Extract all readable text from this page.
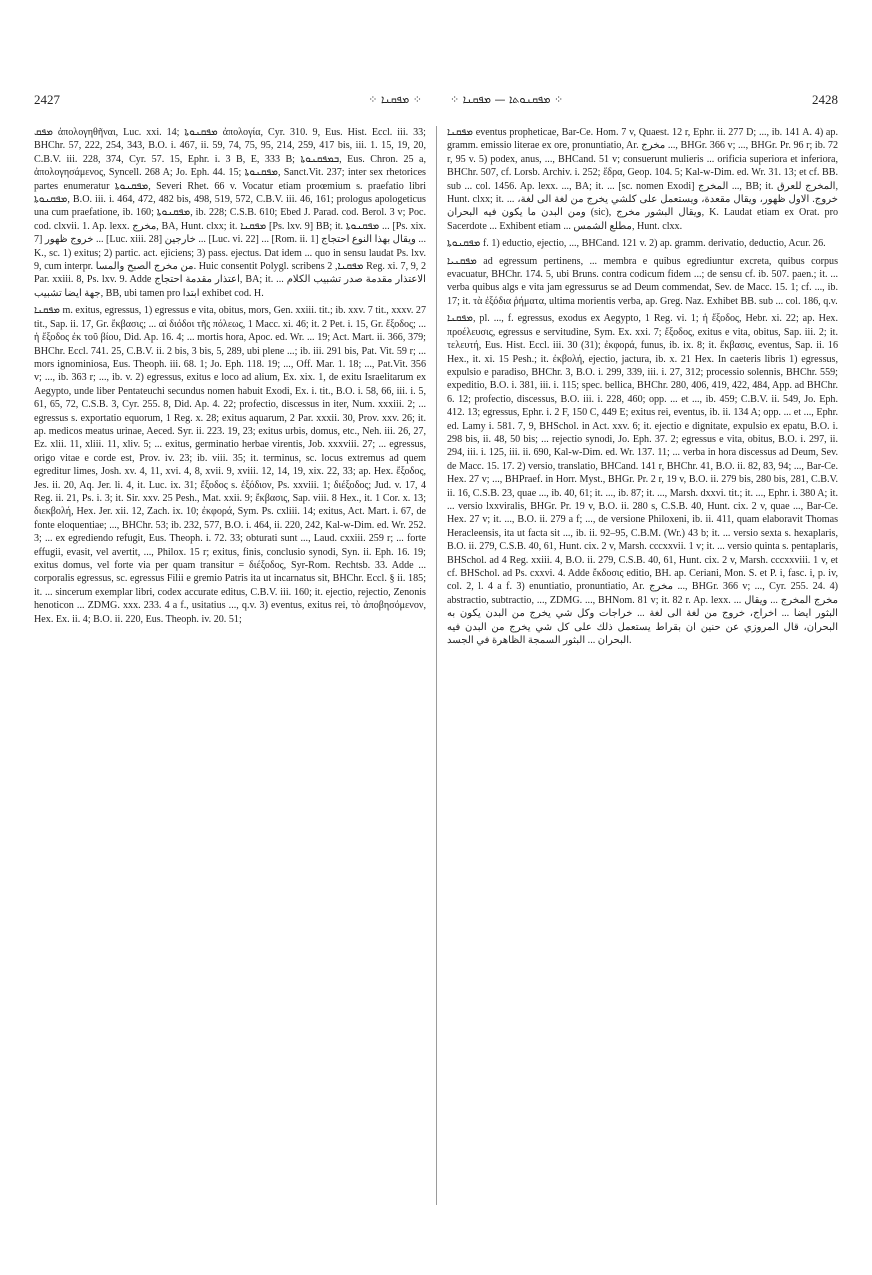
2427	⁘ ܡܦܩܢܐ ⁘	⁘ ܡܦܩܢܘܬܐ — ܡܦܩܢܐ ⁘	2428

ܡܦܩ ἀπολογηθῆναι, Luc. xxi. 14; ܡܦܩܢܘܬܐ ἀπολογία, Cyr. 310. 9, Eus. Hist. Eccl. iii. 33; BHChr. 57, 222, 254, 343, B.O. i. 467, ii. 59, 74, 75, 95, 214, 259, 417 bis, iii. 1. 15, 19, 20, C.B.V. iii. 228, 374, Cyr. 57. 15, Ephr. i. 3 B, E, 333 B; ܒܡܦܩܢܘܬܐ, Eus. Chron. 25 a, ἀπολογησάμενος, Syncell. 268 A; Jo. Eph. 44. 15; ܡܦܩܢܘܬܐ, Sanct.Vit. 237; inter sex rhetorices partes enumeratur ܡܦܩܢܘܬܐ, Severi Rhet. 66 v. Vocatur etiam proœmium s. praefatio libri ܡܦܩܢܘܬܐ, B.O. iii. i. 464, 472, 482 bis, 498, 519, 572, C.B.V. iii. 46, 161; prologus apologeticus una cum praefatione, ib. 160; ܡܦܩܢܘܬܐ, ib. 228; C.S.B. 610; Ebed J. Parad. cod. Berol. 3 v; Poc. cod. clxvii. 1. Ap. lexx. مخرج, BA, Hunt. clxx; it. ܡܦܩܢܐ [Ps. lxv. 9] BB; it. ܡܦܩܢܘܬܐ ... [Ps. xix. 7] خروج ظهور ... [Luc. xiii. 28] خارجين ... [Luc. vi. 22] ... [Rom. ii. 1] ويقال بهذا النوع احتجاج ... K., sc. 1) exitus; 2) partic. act. ejiciens; 3) pass. ejectus. Dat idem ... quo in sensu laudat Ps. lxv. 9, cum interpr. من مخرج الصبح والمسا. Huic consentit Polygl. scribens ܡܦܩܢܐ, 2 Reg. xi. 7, 9, 2 Par. xxiii. 8, Ps. lxv. 9. Adde اعتذار مقدمة احتجاج, BA; it. ... الاعتذار مقدمة صدر تشبيب الكلام جهة ايضا تشبيب, BB, ubi tamen pro ابتدا exhibet cod. H.

ܡܦܩܢܐ m. exitus, egressus, 1) egressus e vita, obitus, mors, Gen. xxiii. tit.; ib. xxv. 7 tit., xxxv. 27 tit., Sap. ii. 17, Gr. ἔκβασις; ... αἱ διόδοι τῆς πόλεως, 1 Macc. xi. 46; it. 2 Pet. i. 15, Gr. ἔξοδος; ... ἡ ἔξοδος ἐκ τοῦ βίου, Did. Ap. 16. 4; ... mortis hora, Apoc. ed. Wr. ... 19; Act. Mart. ii. 366, 379; BHChr. Eccl. 741. 25, C.B.V. ii. 2 bis, 3 bis, 5, 289, ubi plene ...; ib. iii. 291 bis, Pat. Vit. 59 r; ... mors ignominiosa, Eus. Theoph. iii. 68. 1; Jo. Eph. 118. 19; ..., Off. Mar. 1. 18; ..., Pat.Vit. 356 v; ..., ib. 363 r; ..., ib. v. 2) egressus, exitus e loco ad alium, Ex. xix. 1, de exitu Israelitarum ex Aegypto, unde liber Pentateuchi secundus nomen habuit Exodi, Ex. i. tit., B.O. i. 58, 66, iii. i. 5, 61, 65, 72, C.S.B. 3, Cyr. 255. 8, Did. Ap. 4. 22; profectio, discessus in iter, Num. xxxiii. 2; ... egressus s. exportatio equorum, 1 Reg. x. 28; exitus aquarum, 2 Par. xxxii. 30, Prov. xxv. 26; it. ap. medicos meatus urinae, Aeced. Syr. ii. 223. 19, 23; exitus urbis, domus, etc., Neh. iii. 26, 27, Ez. xlii. 11, xliii. 11, xliv. 5; ... exitus, germinatio herbae virentis, Job. xxxviii. 27; ... egressus, origo vitae e corde est, Prov. iv. 23; ib. viii. 35; it. terminus, sc. locus extremus ad quem egreditur limes, Josh. xv. 4, 11, xvi. 4, 8, xvii. 9, xviii. 12, 14, 19, xix. 22, 33; ap. Hex. ἔξοδος, Jes. ii. 20, Aq. Jer. li. 4, it. Luc. ix. 31; ἔξοδος s. ἐξόδιον, Ps. xxviii. 1; διέξοδος; Jud. v. 17, 4 Reg. ii. 21, Ps. i. 3; it. Sir. xxv. 25 Pesh., Mat. xxii. 9; ἔκβασις, Sap. viii. 8 Hex., it. 1 Cor. x. 13; διεκβολή, Hex. Jer. xii. 12, Zach. ix. 10; ἐκφορά, Sym. Ps. cxliii. 14; exitus, Act. Mart. i. 67, de fonte eloquentiae; ..., BHChr. 53; ib. 232, 577, B.O. i. 464, ii. 220, 242, Kal-w-Dim. ed. Wr. 252. 3; ... ex egrediendo refugit, Eus. Theoph. i. 72. 33; obturati sunt ..., Laud. cxxiii. 259 r; ... forte effugii, evasit, vel avertit, ..., Philox. 15 r; exitus, finis, conclusio synodi, Syn. ii. Eph. 16. 19; exitus domus, vel forte via per quam transitur = διέξοδος, Syr-Rom. Rechtsb. 33. Adde ... corporalis egressus, sc. egressus Filii e gremio Patris ita ut incarnatus sit, BHChr. Eccl. § ii. 185; it. ... sincerum exemplar libri, codex accurate editus, C.B.V. iii. 160; it. ejectio, rejectio, Zenonis henoticon ... ZDMG. xxx. 233. 4 a f., usitatius ..., q.v. 3) eventus, exitus rei, τὸ ἀποβησόμενον, Hex. Ex. ii. 4; B.O. ii. 220, Eus. Theoph. iv. 20. 51;

ܡܦܩܢܐ eventus propheticae, Bar-Ce. Hom. 7 v, Quaest. 12 r, Ephr. ii. 277 D; ..., ib. 141 A. 4) ap. gramm. emissio literae ex ore, pronuntiatio, Ar. مخرج ..., BHGr. 366 v; ..., BHGr. Pr. 96 r; ib. 72 r, 95 v. 5) podex, anus, ..., BHCand. 51 v; consuerunt mulieris ... orificia superiora et inferiora, BHChr. 507, cf. Lorsb. Archiv. i. 252; ἕδρα, Geop. 104. 5; Kal-w-Dim. ed. Wr. 31. 13; et cf. BB. sub ... col. 1456. Ap. lexx. ..., BA; it. ... [sc. nomen Exodi] المخرج ..., BB; it. المخرج للعرق, Hunt. clxx; it. ... خروج. الاول ظهور، ويقال مقعدة، ويستعمل على كلشي يخرج من لغة الى لغة، ومن البدن ما يكون فيه البحران (sic), ويقال البشور مخرج, K. Laudat etiam ex Orat. pro Sacerdote ... Exhibent etiam ... مطلع الشمس, Hunt. clxx.

ܡܦܩܢܘܬܐ f. 1) eductio, ejectio, ..., BHCand. 121 v. 2) ap. gramm. derivatio, deductio, Acur. 26.

ܡܦܩܢܝܐ ad egressum pertinens, ... membra e quibus egrediuntur excreta, quibus corpus evacuatur, BHChr. 174. 5, ubi Bruns. contra codicum fidem ...; de sensu cf. ib. 507. paen.; it. ... verba quibus algs e vita jam egressurus se ad Deum commendat, Sev. de Macc. 15. 1; cf. ..., ib. 17; it. τὰ ἐξόδια ῥήματα, ultima morientis verba, ap. Greg. Naz. Exhibet BB. sub ... col. 186, q.v.

ܡܦܩܢܐ, pl. ..., f. egressus, exodus ex Aegypto, 1 Reg. vi. 1; ἡ ἔξοδος, Hebr. xi. 22; ap. Hex. προέλευσις, egressus e servitudine, Sym. Ex. xxi. 7; ἔξοδος, exitus e vita, obitus, Sap. iii. 2; it. τελευτή, Eus. Hist. Eccl. iii. 30 (31); ἐκφορά, funus, ib. ix. 8; it. ἔκβασις, eventus, Sap. ii. 16 Hex., it. xi. 15 Pesh.; it. ἐκβολή, ejectio, jactura, ib. x. 21 Hex. In caeteris libris 1) egressus, expulsio e paradiso, BHChr. 3, B.O. i. 299, 339, iii. i. 27, 312; processio solennis, BHChr. 559; expeditio, B.O. i. 381, iii. i. 115; spec. bellica, BHChr. 280, 406, 419, 422, 484, App. ad BHChr. 6. 12; profectio, discessus, B.O. iii. i. 228, 460; opp. ... et ..., ib. 459; C.B.V. ii. 549, Jo. Eph. 412. 13; egressus, Ephr. i. 2 F, 150 C, 449 E; exitus rei, eventus, ib. ii. 134 A; opp. ... et ..., Ephr. ed. Lamy i. 581. 7, 9, BHSchol. in Act. xxv. 6; it. ejectio e dignitate, expulsio ex epatu, B.O. i. 298 bis, ii. 48, 50 bis; ... rejectio synodi, Jo. Eph. 37. 2; egressus e vita, obitus, B.O. i. 297, ii. 294, iii. i. 125, iii. ii. 690, Kal-w-Dim. ed. Wr. 137. 11; ... verba in hora discessus ad Deum, Sev. de Macc. 15. 17. 2) versio, translatio, BHCand. 141 r, BHChr. 41, B.O. ii. 82, 83, 94; ..., Bar-Ce. Hex. 27 v; ..., BHPraef. in Horr. Myst., BHGr. Pr. 2 r, 19 v, B.O. ii. 279 bis, 280 bis, 281, C.B.V. ii. 16, C.S.B. 23, quae ..., ib. 40, 61; it. ..., ib. 87; it. ..., Marsh. dxxvi. tit.; it. ..., Ephr. i. 380 A; it. ... versio lxxviralis, BHGr. Pr. 19 v, B.O. ii. 280 s, C.S.B. 40, Hunt. cix. 2 v, quae ..., Bar-Ce. Hex. 27 v; it. ..., B.O. ii. 279 a f; ..., de versione Philoxeni, ib. ii. 411, quam elaboravit Thomas Heracleensis, ita ut facta sit ..., ib. ii. 92–95, C.B.M. (Wr.) 43 b; it. ... versio sexta s. hexaplaris, B.O. ii. 279, C.S.B. 40, 61, Hunt. cix. 2 v, Marsh. cccxxvii. 1 v; it. ... versio quinta s. pentaplaris, BHSchol. ad 4 Reg. xxiii. 4, B.O. ii. 279, C.S.B. 40, 61, Hunt. cix. 2 v, Marsh. cccxxviii. 1 v, et cf. BHSchol. ad Ps. cxxvi. 4. Adde ἔκδοσις editio, BH. ap. Ceriani, Mon. S. et P. i, fasc. i, p. iv, col. 2, l. 4 a f. 3) enuntiatio, pronuntiatio, Ar. مخرج ..., BHGr. 366 v; ..., Cyr. 255. 24. 4) abstractio, subtractio, ..., ZDMG. ..., BHNom. 81 v; it. 82 r. Ap. lexx. ... مخرج المخرج ... ويقال البثور ايضا ... اخراج، خروج من لغة الى لغة ... خراجات وكل شي يخرج من البدن يكون به البحران، قال المروزي عن حنين ان بقراط يستعمل ذلك على كل شي يخرج من البدن فيه البحران ... البثور السمجة الظاهرة في الجسد.
